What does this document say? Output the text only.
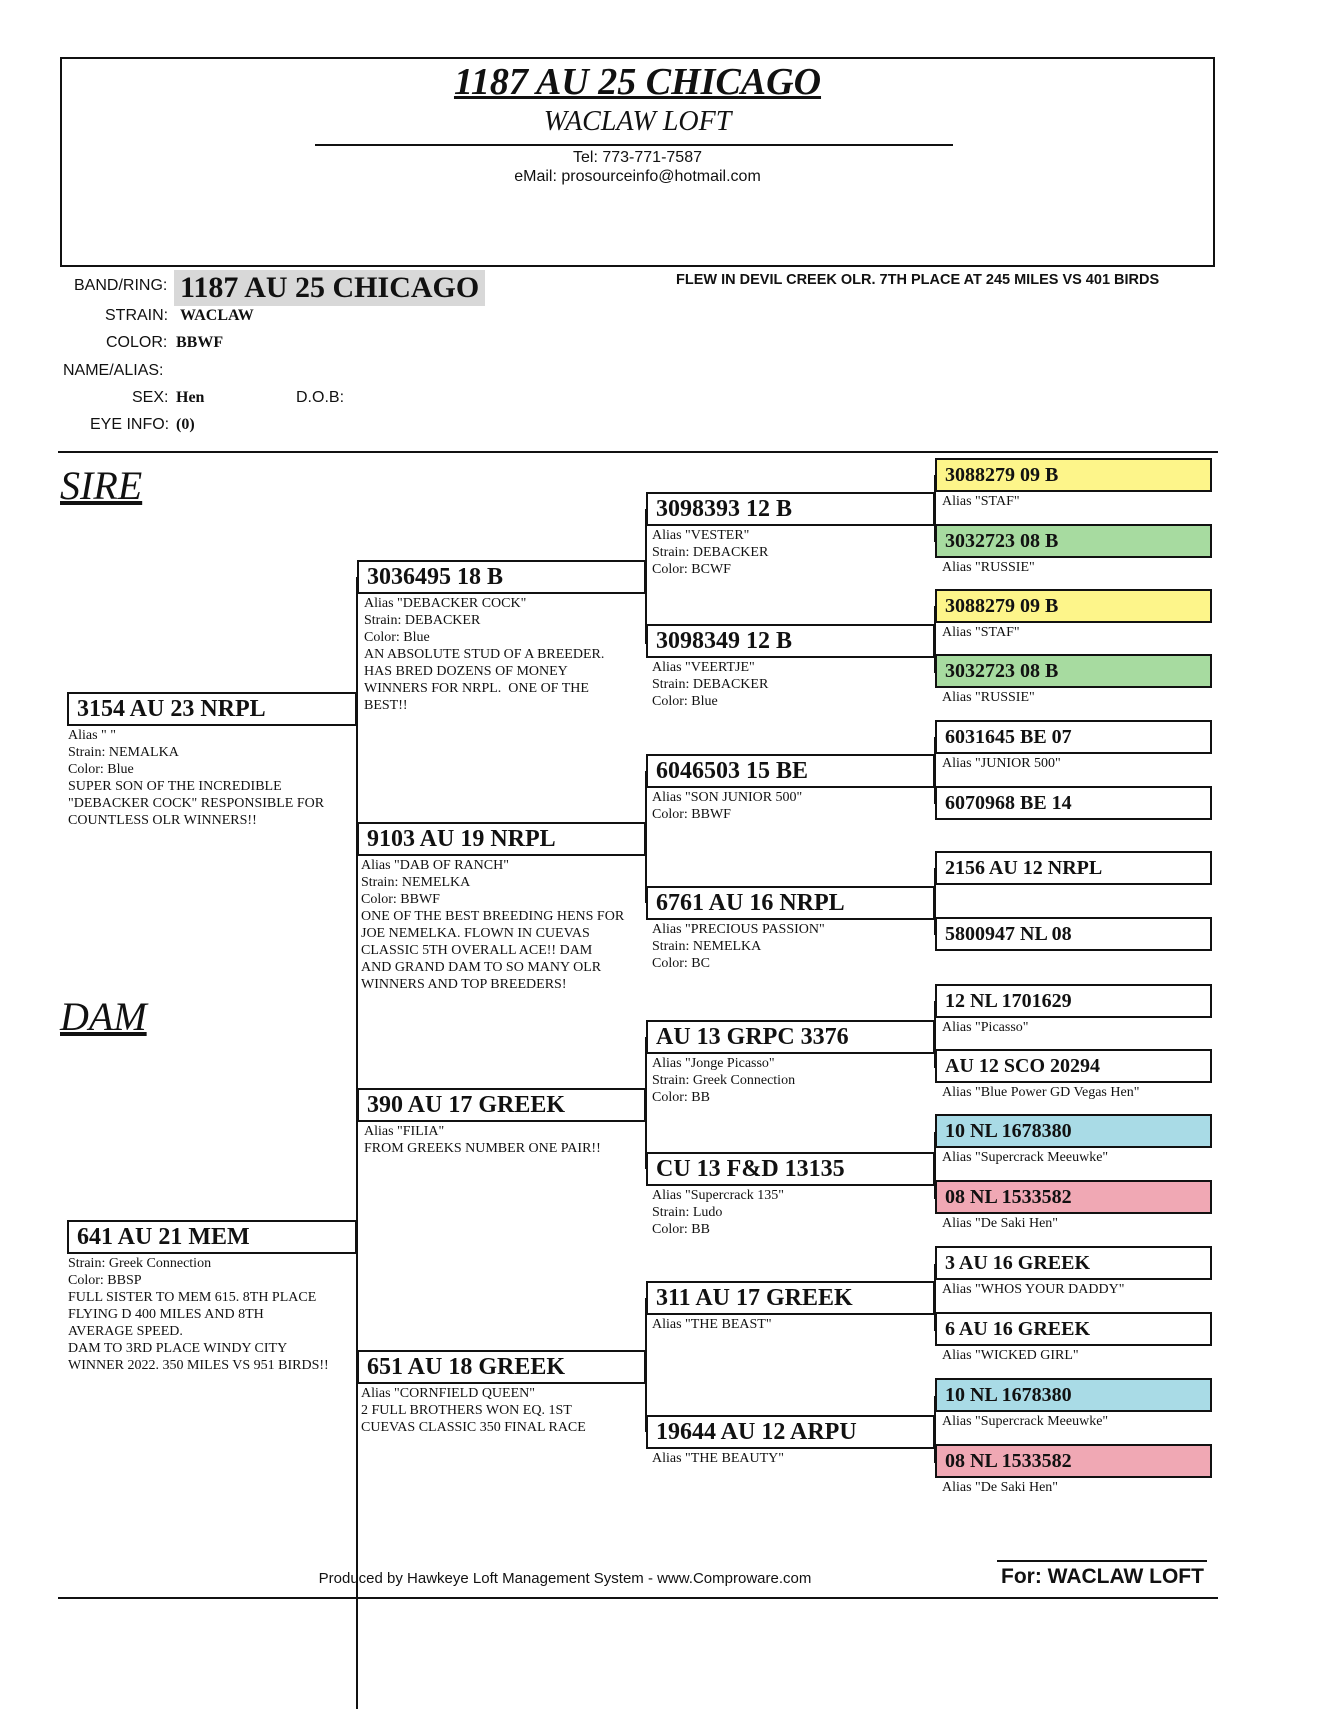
1187 AU 25 CHICAGO
WACLAW LOFT
Tel: 773-771-7587
eMail: prosourceinfo@hotmail.com
BAND/RING: 1187 AU 25 CHICAGO	FLEW IN DEVIL CREEK OLR. 7TH PLACE AT 245 MILES VS 401 BIRDS
STRAIN: WACLAW
COLOR: BBWF
NAME/ALIAS:
SEX: Hen	D.O.B:
EYE INFO: (0)
SIRE
DAM
3154 AU 23 NRPL
Alias " "
Strain: NEMALKA
Color: Blue
SUPER SON OF THE INCREDIBLE
"DEBACKER COCK" RESPONSIBLE FOR
COUNTLESS OLR WINNERS!!
641 AU 21 MEM
Strain: Greek Connection
Color: BBSP
FULL SISTER TO MEM 615. 8TH PLACE
FLYING D 400 MILES AND 8TH
AVERAGE SPEED.
DAM TO 3RD PLACE WINDY CITY
WINNER 2022. 350 MILES VS 951 BIRDS!!
3036495 18 B
Alias "DEBACKER COCK"
Strain: DEBACKER
Color: Blue
AN ABSOLUTE STUD OF A BREEDER.
HAS BRED DOZENS OF MONEY
WINNERS FOR NRPL.  ONE OF THE
BEST!!
9103 AU 19 NRPL
Alias "DAB OF RANCH"
Strain: NEMELKA
Color: BBWF
ONE OF THE BEST BREEDING HENS FOR
JOE NEMELKA. FLOWN IN CUEVAS
CLASSIC 5TH OVERALL ACE!! DAM
AND GRAND DAM TO SO MANY OLR
WINNERS AND TOP BREEDERS!
390 AU 17 GREEK
Alias "FILIA"
FROM GREEKS NUMBER ONE PAIR!!
651 AU 18 GREEK
Alias "CORNFIELD QUEEN"
2 FULL BROTHERS WON EQ. 1ST
CUEVAS CLASSIC 350 FINAL RACE
3098393 12 B
Alias "VESTER"
Strain: DEBACKER
Color: BCWF
3098349 12 B
Alias "VEERTJE"
Strain: DEBACKER
Color: Blue
6046503 15 BE
Alias "SON JUNIOR 500"
Color: BBWF
6761 AU 16 NRPL
Alias "PRECIOUS PASSION"
Strain: NEMELKA
Color: BC
AU 13 GRPC 3376
Alias "Jonge Picasso"
Strain: Greek Connection
Color: BB
CU 13 F&D 13135
Alias "Supercrack 135"
Strain: Ludo
Color: BB
311 AU 17 GREEK
Alias "THE BEAST"
19644 AU 12 ARPU
Alias "THE BEAUTY"
3088279 09 B
Alias "STAF"
3032723 08 B
Alias "RUSSIE"
3088279 09 B
Alias "STAF"
3032723 08 B
Alias "RUSSIE"
6031645 BE 07
Alias "JUNIOR 500"
6070968 BE 14
2156 AU 12 NRPL
5800947 NL 08
12 NL 1701629
Alias "Picasso"
AU 12 SCO 20294
Alias "Blue Power GD Vegas Hen"
10 NL 1678380
Alias "Supercrack Meeuwke"
08 NL 1533582
Alias "De Saki Hen"
3 AU 16 GREEK
Alias "WHOS YOUR DADDY"
6 AU 16 GREEK
Alias "WICKED GIRL"
10 NL 1678380
Alias "Supercrack Meeuwke"
08 NL 1533582
Alias "De Saki Hen"
Produced by Hawkeye Loft Management System - www.Comproware.com	For: WACLAW LOFT
